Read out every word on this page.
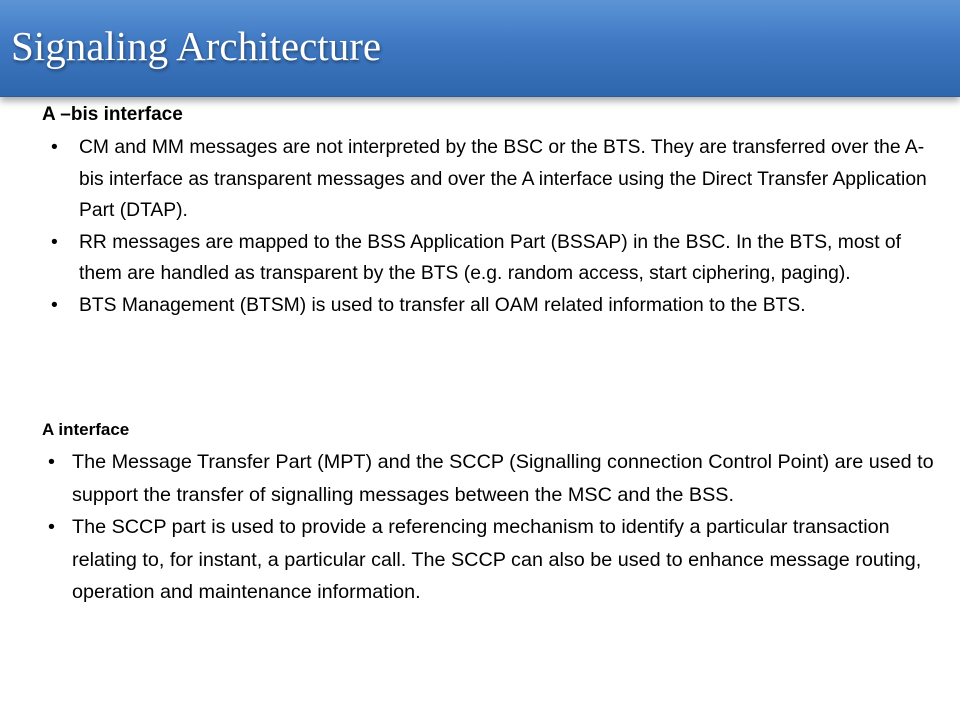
Signaling Architecture
A –bis interface
•	CM and MM messages are not interpreted by the BSC or the BTS. They are transferred over the A-bis interface as transparent messages and over the A interface using the Direct Transfer Application Part (DTAP).
•	RR messages are mapped to the BSS Application Part (BSSAP) in the BSC. In the BTS, most of them are handled as transparent by the BTS (e.g. random access, start ciphering, paging).
•	BTS Management (BTSM) is used to transfer all OAM related information to the BTS.
A interface
• The Message Transfer Part (MPT) and the SCCP (Signalling connection Control Point) are used to support the transfer of signalling messages between the MSC and the BSS.
• The SCCP part is used to provide a referencing mechanism to identify a particular transaction relating to, for instant, a particular call. The SCCP can also be used to enhance message routing, operation and maintenance information.
